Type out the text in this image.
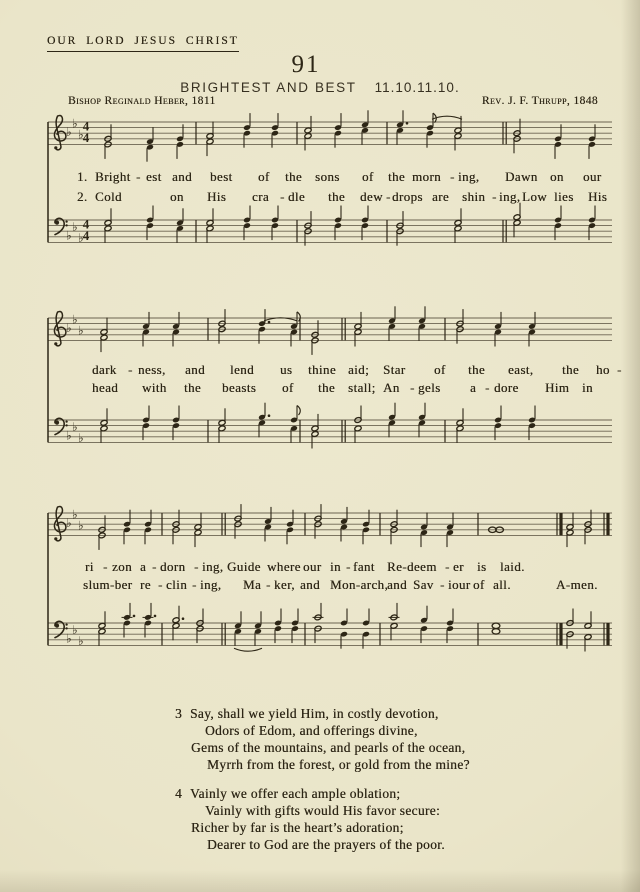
OUR LORD JESUS CHRIST
91
BRIGHTEST AND BEST 11.10.11.10.
Bishop Reginald Heber, 1811	Rev. J. F. Thrupp, 1848
♭
♭
♭
♭
♭
♭
4
4
4
4
♭
♭
♭
♭
♭
♭
♭
♭
♭
♭
♭
♭
1. Bright - est and best of the sons of the morn - ing, Dawn on our
2. Cold	on His cra - dle the dew - drops are shin - ing, Low lies His
dark - ness, and lend us thine aid; Star of the east, the ho -
head with the beasts of the stall; An - gels a - dore Him in
ri - zon a - dorn - ing, Guide where our in - fant Re-deem - er is laid.
slum-ber re - clin - ing, Ma - ker, and Mon-arch,
and Sav - iour of all.	A-men.
3 Say, shall we yield Him, in costly devotion,
Odors of Edom, and offerings divine,
Gems of the mountains, and pearls of the ocean,
Myrrh from the forest, or gold from the mine?
4 Vainly we offer each ample oblation;
Vainly with gifts would His favor secure:
Richer by far is the heart’s adoration;
Dearer to God are the prayers of the poor.
